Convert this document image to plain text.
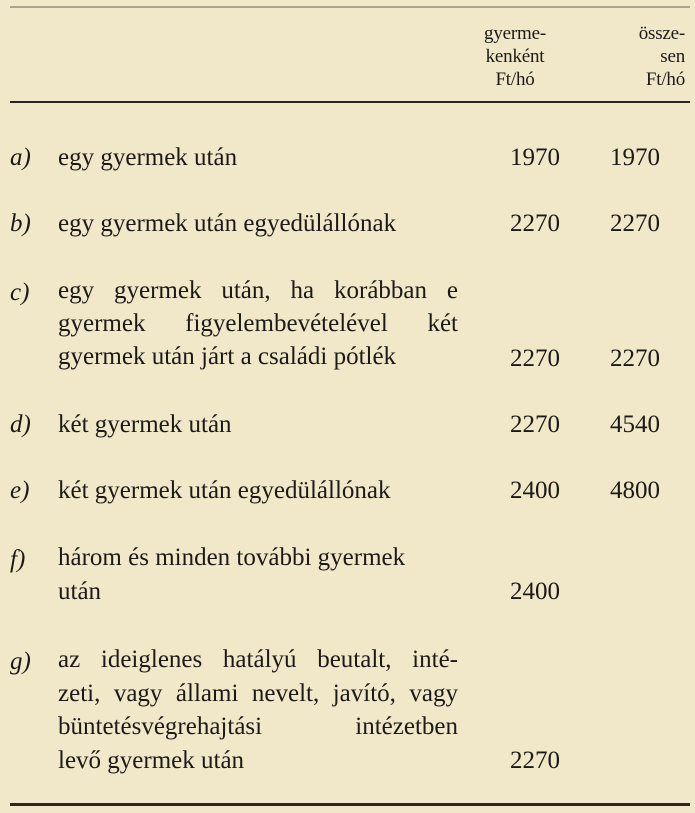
gyerme-
kenként
Ft/hó
össze-
sen
Ft/hó
a)	egy gyermek után	1970	1970
b)	egy gyermek után egyedülállónak	2270	2270
c)	egy gyermek után, ha korábban e
gyermek figyelembevételével két
gyermek után járt a családi pótlék	2270	2270
d)	két gyermek után	2270	4540
e)	két gyermek után egyedülállónak	2400	4800
f)	három és minden további gyermek
után	2400
g)	az ideiglenes hatályú beutalt, inté-
zeti, vagy állami nevelt, javító, vagy
büntetésvégrehajtási intézetben
levő gyermek után	2270
